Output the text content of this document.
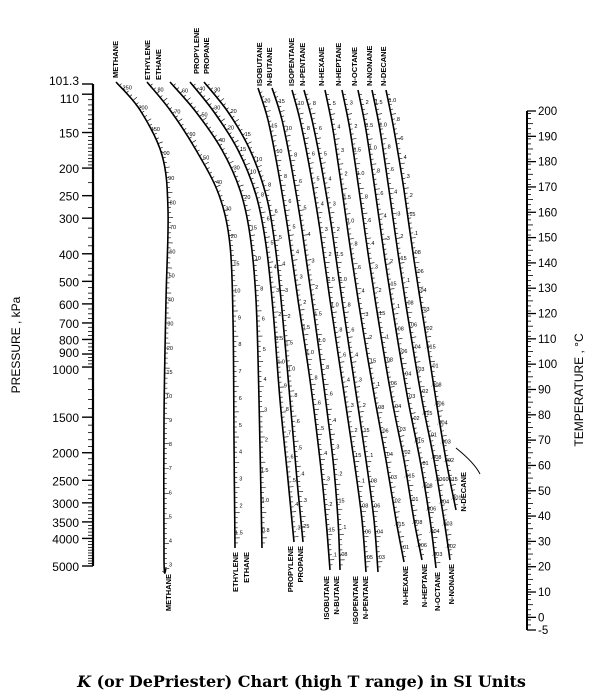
101.3
110
150
200
250
300
400
500
600
700
800
900
1000
1500
2000
2500
3000
3500
4000
5000
200
190
180
170
160
150
140
130
120
110
100
90
80
70
60
50
40
30
20
10
0
-5
250
200
150
100
90
80
70
60
50
40
30
20
15
10
9
8
7
6
5
4
3
80
70
60
50
40
30
20
15
10
9
8
7
6
5
4
3
2
1.5
60
50
40
30
20
15
10
8
6
5
4
3
2
1.5
1.0
0.8
40
30
20
15
10
8
6
5
4
3
2
1.5
1.0
.9
.8
.7
.6
.5
.4
.3
30
20
15
10
8
6
5
4
3
2
1.5
1.0
.8
.6
.5
.4
.3
.25
20
15
10
8
6
5
4
3
2
1.5
1.0
.8
.6
.5
.4
.3
.2
.15
.1
15
10
8
6
5
4
3
2
1.5
1.0
.8
.6
.4
.3
.2
.15
.1
.08
10
8
6
5
4
3
2
1.5
1.0
.8
.6
.4
.3
.2
.15
.1
.08
.06
.05
8
6
5
4
3
2
1.5
1.0
.8
.6
.4
.3
.2
.15
.1
.08
.06
.04
.03
5
4
3
2
1.5
1.0
.8
.6
.4
.3
.2
.15
.1
.08
.06
.04
.03
.02
.015
.01
3
2
1.5
1.0
.8
.6
.4
.3
.2
.15
.1
.08
.06
.04
.03
.02
.015
.01
.008
.006
2
1.5
1.0
.8
.6
.4
.3
.2
.15
.1
.08
.06
.04
.03
.02
.015
.01
.008
.006
.004
.003
1.5
1.0
.8
.6
.4
.3
.2
.15
.1
.08
.06
.04
.03
.02
.015
.01
.008
.006
.004
.003
.002
1.0
.8
.6
.4
.3
.2
.15
.1
.08
.06
.04
.03
.02
.015
.01
.008
.006
.004
.003
.002
.0015
.001
METHANE	ETHYLENE ETHANE	PROPYLENE PROPANE	ISOBUTANE N-BUTANE ISOPENTANE N-PENTANE N-HEXANE N-HEPTANE N-OCTANE N-NONANE N-DECANE
METHANE
ETHYLENE ETHANE	PROPYLENE PROPANE
ISOBUTANE N-BUTANE ISOPENTANE N-PENTANE	N-HEXANE N-HEPTANE N-OCTANE N-NONANE
N-DECANE
PRESSURE , kPa	TEMPERATURE , °C
K (or DePriester) Chart (high T range) in SI Units
